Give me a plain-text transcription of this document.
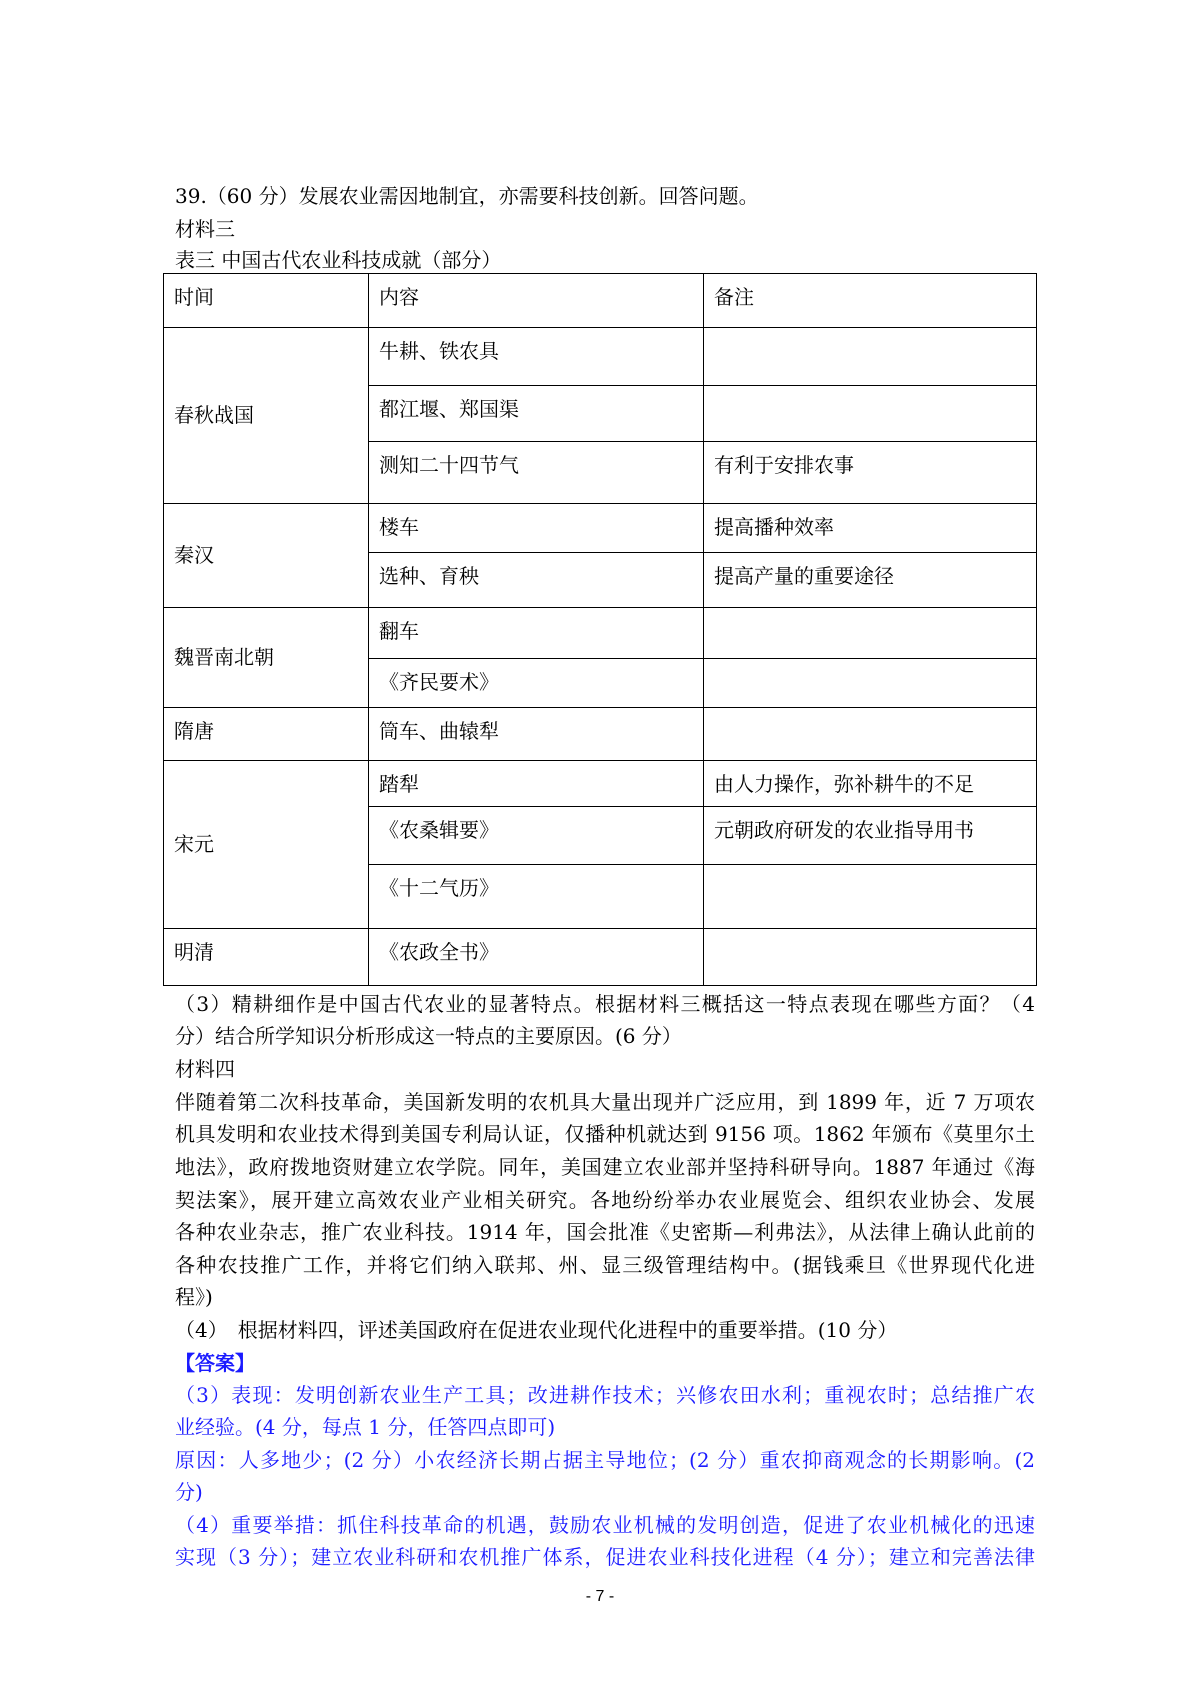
39.（60 分）发展农业需因地制宜，亦需要科技创新。回答问题。
材料三
表三 中国古代农业科技成就（部分）
时间	内容	备注
春秋战国	牛耕、铁农具	
	都江堰、郑国渠	
	测知二十四节气	有利于安排农事
秦汉	楼车	提高播种效率
	选种、育秧	提高产量的重要途径
魏晋南北朝	翻车	
	《齐民要术》	
隋唐	筒车、曲辕犁	
宋元	踏犁	由人力操作，弥补耕牛的不足
	《农桑辑要》	元朝政府研发的农业指导用书
	《十二气历》	
明清	《农政全书》	
（3）精耕细作是中国古代农业的显著特点。根据材料三概括这一特点表现在哪些方面？（4
分）结合所学知识分析形成这一特点的主要原因。(6 分）
材料四
伴随着第二次科技革命，美国新发明的农机具大量出现并广泛应用，到 1899 年，近 7 万项农
机具发明和农业技术得到美国专利局认证，仅播种机就达到 9156 项。1862 年颁布《莫里尔土
地法》，政府拨地资财建立农学院。同年，美国建立农业部并坚持科研导向。1887 年通过《海
契法案》，展开建立高效农业产业相关研究。各地纷纷举办农业展览会、组织农业协会、发展
各种农业杂志，推广农业科技。1914 年，国会批准《史密斯—利弗法》，从法律上确认此前的
各种农技推广工作，并将它们纳入联邦、州、显三级管理结构中。(据钱乘旦《世界现代化进
程》)
（4）　根据材料四，评述美国政府在促进农业现代化进程中的重要举措。(10 分）
【答案】
（3）表现：发明创新农业生产工具；改进耕作技术；兴修农田水利；重视农时；总结推广农
业经验。(4 分，每点 1 分，任答四点即可)
原因：人多地少；(2 分）小农经济长期占据主导地位；(2 分）重农抑商观念的长期影响。(2
分)
（4）重要举措：抓住科技革命的机遇，鼓励农业机械的发明创造，促进了农业机械化的迅速
实现（3 分）；建立农业科研和农机推广体系，促进农业科技化进程（4 分）；建立和完善法律
- 7 -
